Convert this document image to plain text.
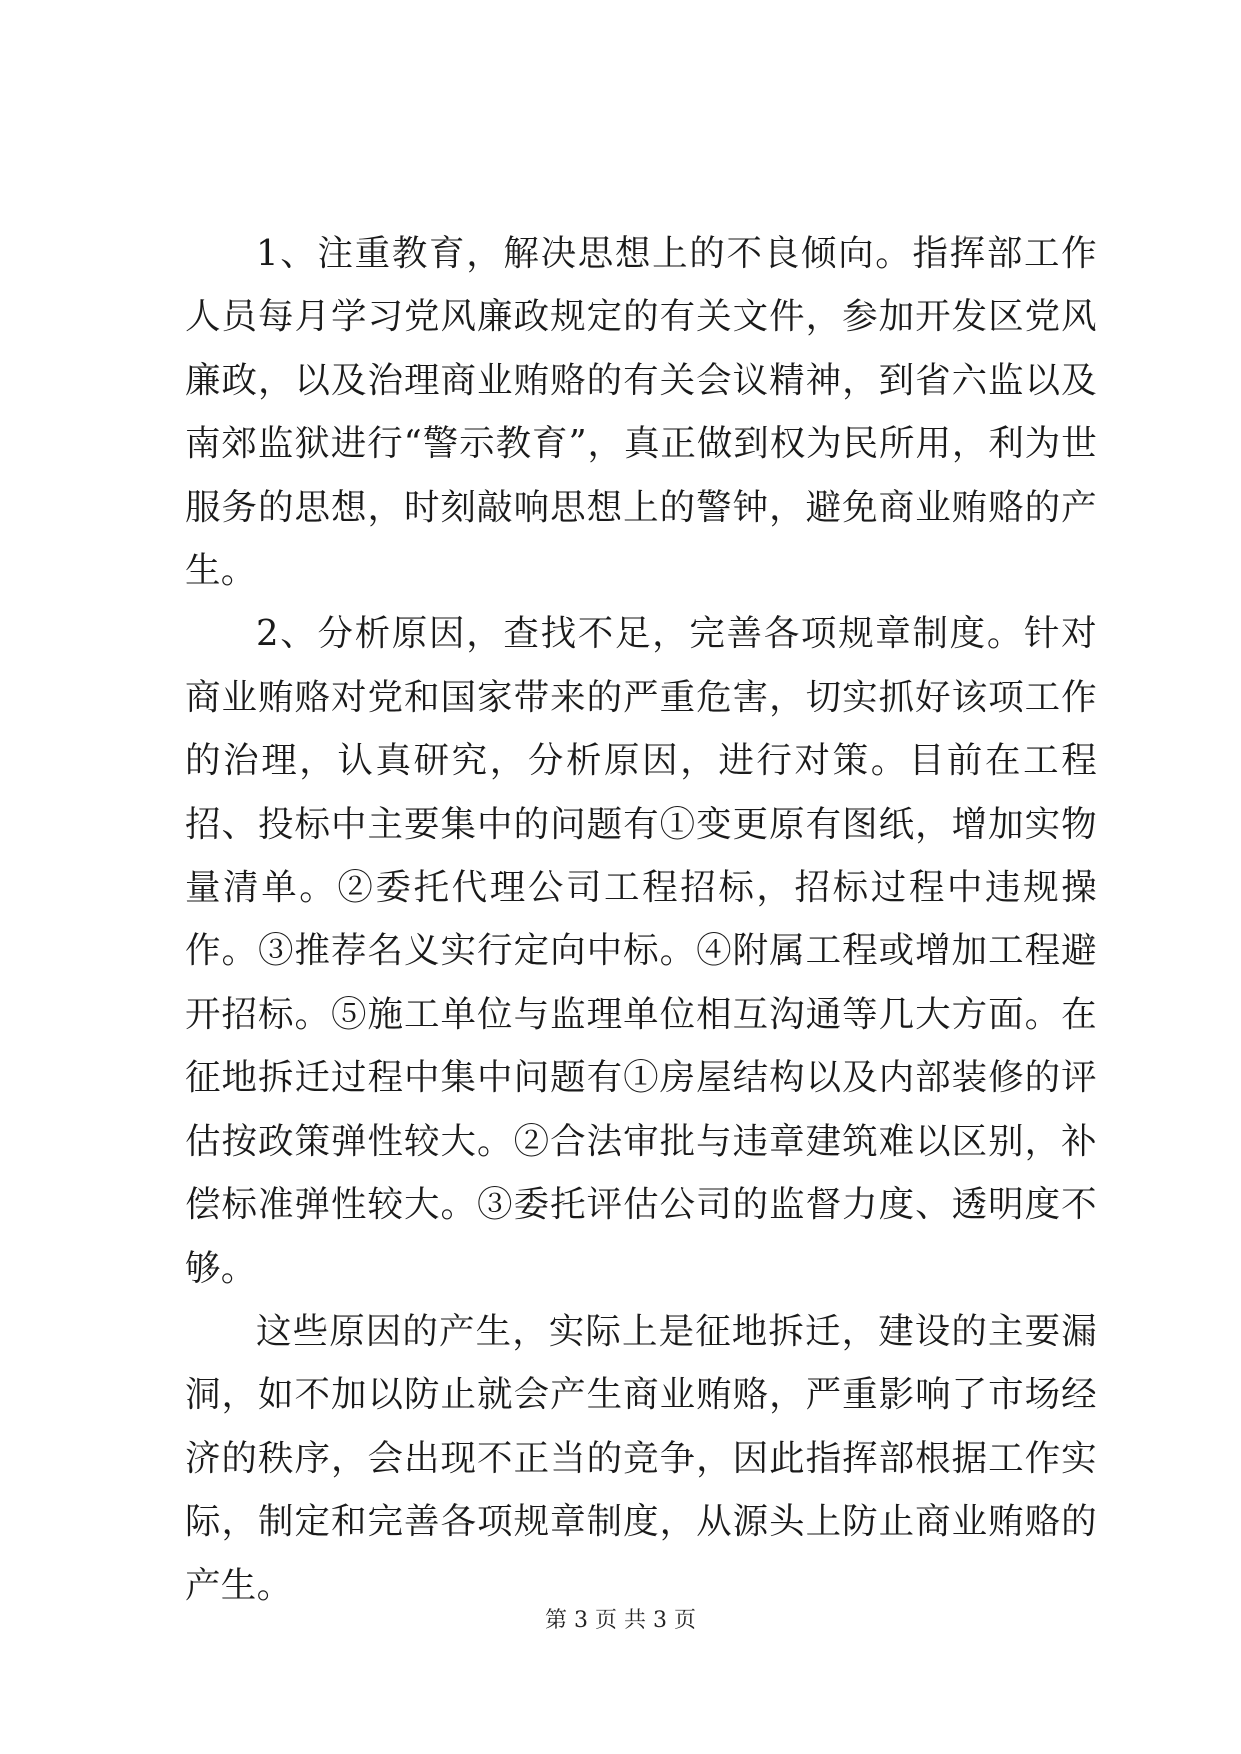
1、注重教育，解决思想上的不良倾向。指挥部工作人员每月学习党风廉政规定的有关文件，参加开发区党风廉政，以及治理商业贿赂的有关会议精神，到省六监以及南郊监狱进行“警示教育”，真正做到权为民所用，利为世服务的思想，时刻敲响思想上的警钟，避免商业贿赂的产生。

2、分析原因，查找不足，完善各项规章制度。针对商业贿赂对党和国家带来的严重危害，切实抓好该项工作的治理，认真研究，分析原因，进行对策。目前在工程招、投标中主要集中的问题有①变更原有图纸，增加实物量清单。②委托代理公司工程招标，招标过程中违规操作。③推荐名义实行定向中标。④附属工程或增加工程避开招标。⑤施工单位与监理单位相互沟通等几大方面。在征地拆迁过程中集中问题有①房屋结构以及内部装修的评估按政策弹性较大。②合法审批与违章建筑难以区别，补偿标准弹性较大。③委托评估公司的监督力度、透明度不够。

这些原因的产生，实际上是征地拆迁，建设的主要漏洞，如不加以防止就会产生商业贿赂，严重影响了市场经济的秩序，会出现不正当的竞争，因此指挥部根据工作实际，制定和完善各项规章制度，从源头上防止商业贿赂的产生。

第 3 页 共 3 页
